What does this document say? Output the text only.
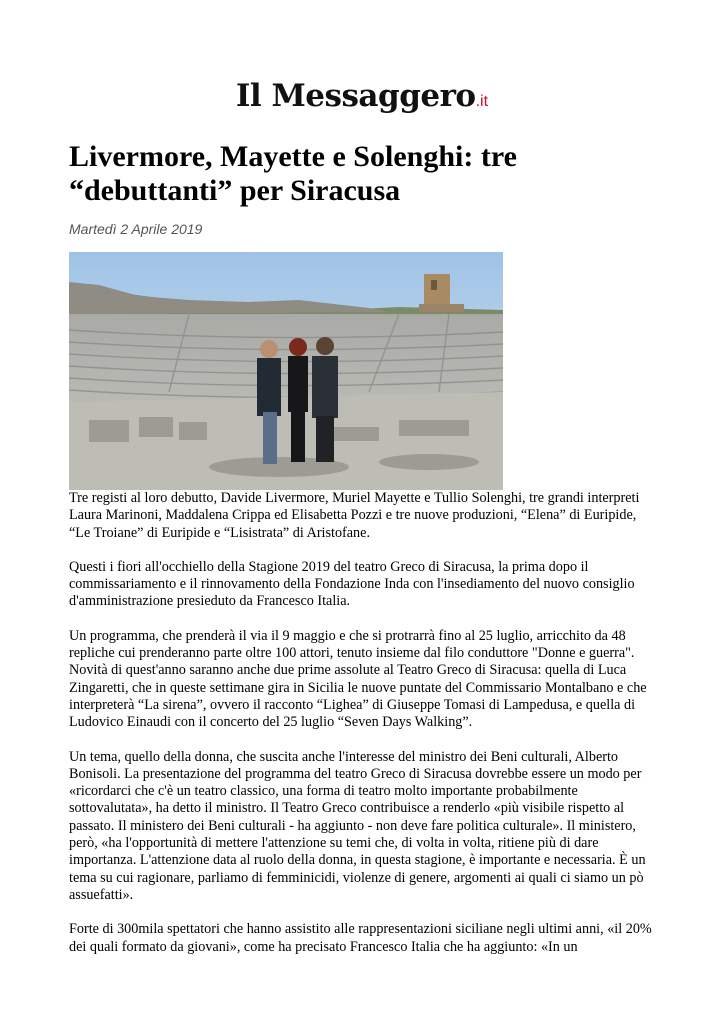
Il Messaggero.it
Livermore, Mayette e Solenghi: tre “debuttanti” per Siracusa

Martedì 2 Aprile 2019

Tre registi al loro debutto, Davide Livermore, Muriel Mayette e Tullio Solenghi, tre grandi interpreti Laura Marinoni, Maddalena Crippa ed Elisabetta Pozzi e tre nuove produzioni, “Elena” di Euripide, “Le Troiane” di Euripide e “Lisistrata” di Aristofane.

Questi i fiori all'occhiello della Stagione 2019 del teatro Greco di Siracusa, la prima dopo il commissariamento e il rinnovamento della Fondazione Inda con l'insediamento del nuovo consiglio d'amministrazione presieduto da Francesco Italia.

Un programma, che prenderà il via il 9 maggio e che si protrarrà fino al 25 luglio, arricchito da 48 repliche cui prenderanno parte oltre 100 attori, tenuto insieme dal filo conduttore "Donne e guerra". Novità di quest'anno saranno anche due prime assolute al Teatro Greco di Siracusa: quella di Luca Zingaretti, che in queste settimane gira in Sicilia le nuove puntate del Commissario Montalbano e che interpreterà “La sirena”, ovvero il racconto “Lighea” di Giuseppe Tomasi di Lampedusa, e quella di Ludovico Einaudi con il concerto del 25 luglio “Seven Days Walking”.

Un tema, quello della donna, che suscita anche l'interesse del ministro dei Beni culturali, Alberto Bonisoli. La presentazione del programma del teatro Greco di Siracusa dovrebbe essere un modo per «ricordarci che c'è un teatro classico, una forma di teatro molto importante probabilmente sottovalutata», ha detto il ministro. Il Teatro Greco contribuisce a renderlo «più visibile rispetto al passato. Il ministero dei Beni culturali - ha aggiunto - non deve fare politica culturale». Il ministero, però, «ha l'opportunità di mettere l'attenzione su temi che, di volta in volta, ritiene più di dare importanza. L'attenzione data al ruolo della donna, in questa stagione, è importante e necessaria. È un tema su cui ragionare, parliamo di femminicidi, violenze di genere, argomenti ai quali ci siamo un pò assuefatti».

Forte di 300mila spettatori che hanno assistito alle rappresentazioni siciliane negli ultimi anni, «il 20% dei quali formato da giovani», come ha precisato Francesco Italia che ha aggiunto: «In un
